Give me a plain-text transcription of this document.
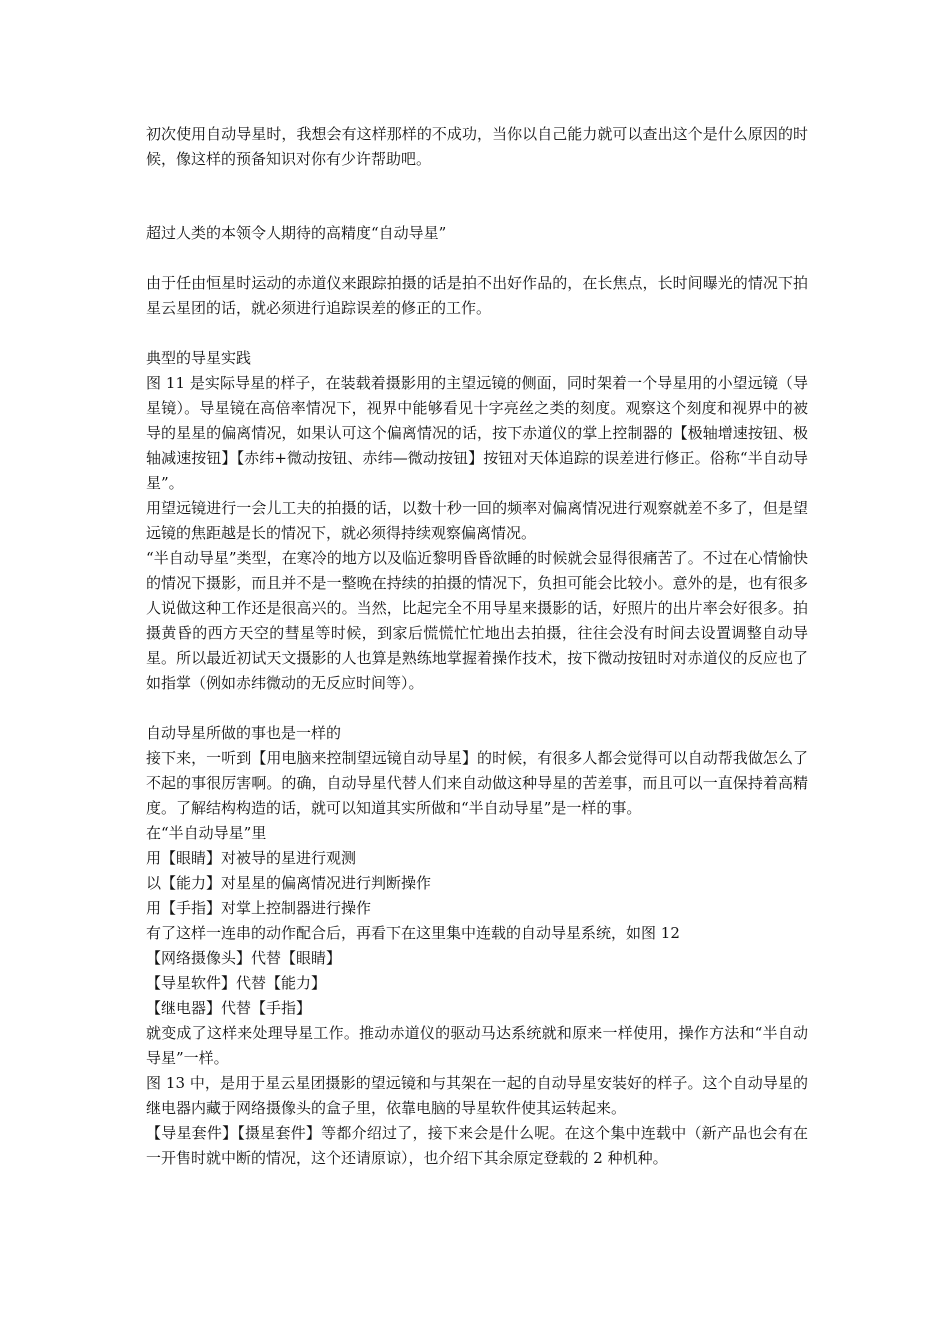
初次使用自动导星时，我想会有这样那样的不成功，当你以自己能力就可以查出这个是什么原因的时候，像这样的预备知识对你有少许帮助吧。

超过人类的本领令人期待的高精度“自动导星”

由于任由恒星时运动的赤道仪来跟踪拍摄的话是拍不出好作品的，在长焦点，长时间曝光的情况下拍星云星团的话，就必须进行追踪误差的修正的工作。

典型的导星实践

图 11 是实际导星的样子，在装载着摄影用的主望远镜的侧面，同时架着一个导星用的小望远镜（导星镜）。导星镜在高倍率情况下，视界中能够看见十字亮丝之类的刻度。观察这个刻度和视界中的被导的星星的偏离情况，如果认可这个偏离情况的话，按下赤道仪的掌上控制器的【极轴增速按钮、极轴减速按钮】【赤纬+微动按钮、赤纬—微动按钮】按钮对天体追踪的误差进行修正。俗称“半自动导星”。

用望远镜进行一会儿工夫的拍摄的话，以数十秒一回的频率对偏离情况进行观察就差不多了，但是望远镜的焦距越是长的情况下，就必须得持续观察偏离情况。

“半自动导星”类型，在寒冷的地方以及临近黎明昏昏欲睡的时候就会显得很痛苦了。不过在心情愉快的情况下摄影，而且并不是一整晚在持续的拍摄的情况下，负担可能会比较小。意外的是，也有很多人说做这种工作还是很高兴的。当然，比起完全不用导星来摄影的话，好照片的出片率会好很多。拍摄黄昏的西方天空的彗星等时候，到家后慌慌忙忙地出去拍摄，往往会没有时间去设置调整自动导星。所以最近初试天文摄影的人也算是熟练地掌握着操作技术，按下微动按钮时对赤道仪的反应也了如指掌（例如赤纬微动的无反应时间等）。

自动导星所做的事也是一样的

接下来，一听到【用电脑来控制望远镜自动导星】的时候，有很多人都会觉得可以自动帮我做怎么了不起的事很厉害啊。的确，自动导星代替人们来自动做这种导星的苦差事，而且可以一直保持着高精度。了解结构构造的话，就可以知道其实所做和“半自动导星”是一样的事。

在“半自动导星”里

用【眼睛】对被导的星进行观测

以【能力】对星星的偏离情况进行判断操作

用【手指】对掌上控制器进行操作

有了这样一连串的动作配合后，再看下在这里集中连载的自动导星系统，如图 12

【网络摄像头】代替【眼睛】

【导星软件】代替【能力】

【继电器】代替【手指】

就变成了这样来处理导星工作。推动赤道仪的驱动马达系统就和原来一样使用，操作方法和“半自动导星”一样。

图 13 中，是用于星云星团摄影的望远镜和与其架在一起的自动导星安装好的样子。这个自动导星的继电器内藏于网络摄像头的盒子里，依靠电脑的导星软件使其运转起来。

【导星套件】【摄星套件】等都介绍过了，接下来会是什么呢。在这个集中连载中（新产品也会有在一开售时就中断的情况，这个还请原谅），也介绍下其余原定登载的 2 种机种。
